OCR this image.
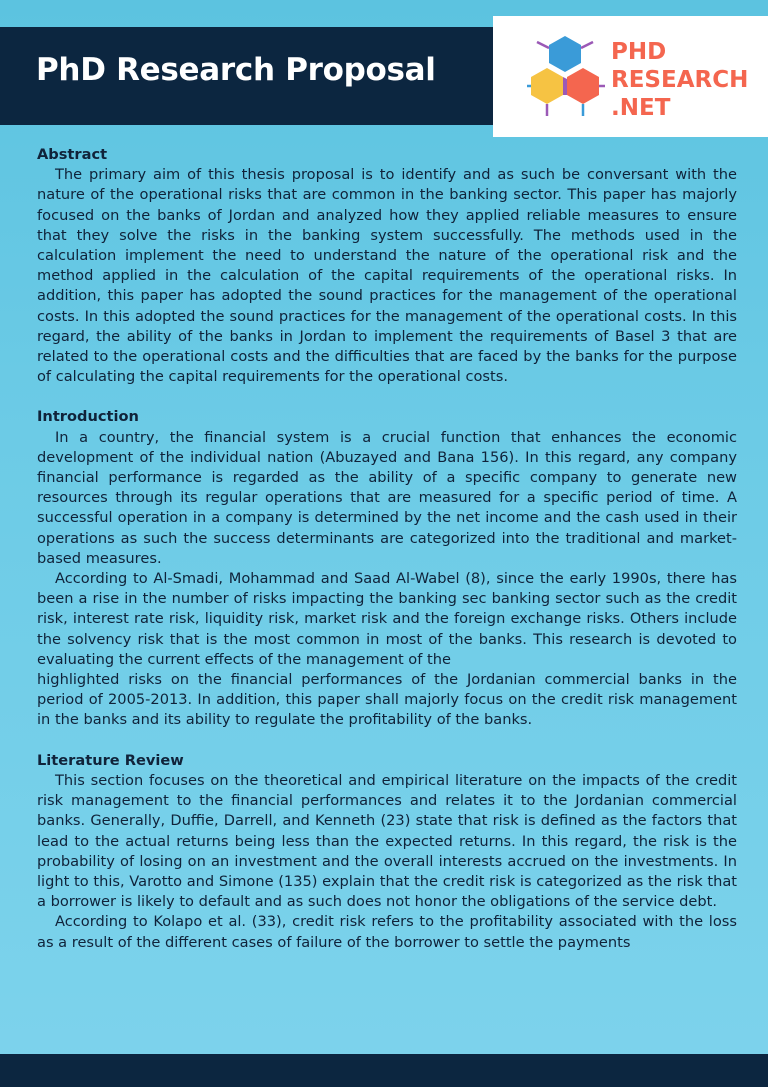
PhD Research Proposal	PHD
RESEARCH
.NET
Abstract

The primary aim of this thesis proposal is to identify and as such be conversant with the nature of the operational risks that are common in the banking sector. This paper has majorly focused on the banks of Jordan and analyzed how they applied reliable measures to ensure that they solve the risks in the banking system successfully. The methods used in the calculation implement the need to understand the nature of the operational risk and the method applied in the calculation of the capital requirements of the operational risks. In addition, this paper has adopted the sound practices for the management of the operational costs. In this adopted the sound practices for the management of the operational costs. In this regard, the ability of the banks in Jordan to implement the requirements of Basel 3 that are related to the operational costs and the difficulties that are faced by the banks for the purpose of calculating the capital requirements for the operational costs.

Introduction

In a country, the financial system is a crucial function that enhances the economic development of the individual nation (Abuzayed and Bana 156). In this regard, any company financial performance is regarded as the ability of a specific company to generate new resources through its regular operations that are measured for a specific period of time. A successful operation in a company is determined by the net income and the cash used in their operations as such the success determinants are categorized into the traditional and market-based measures.

According to Al-Smadi, Mohammad and Saad Al-Wabel (8), since the early 1990s, there has been a rise in the number of risks impacting the banking sec banking sector such as the credit risk, interest rate risk, liquidity risk, market risk and the foreign exchange risks. Others include the solvency risk that is the most common in most of the banks. This research is devoted to evaluating the current effects of the management of the

highlighted risks on the financial performances of the Jordanian commercial banks in the period of 2005-2013. In addition, this paper shall majorly focus on the credit risk management in the banks and its ability to regulate the profitability of the banks.

Literature Review

This section focuses on the theoretical and empirical literature on the impacts of the credit risk management to the financial performances and relates it to the Jordanian commercial banks. Generally, Duffie, Darrell, and Kenneth (23) state that risk is defined as the factors that lead to the actual returns being less than the expected returns. In this regard, the risk is the probability of losing on an investment and the overall interests accrued on the investments. In light to this, Varotto and Simone (135) explain that the credit risk is categorized as the risk that a borrower is likely to default and as such does not honor the obligations of the service debt.

According to Kolapo et al. (33), credit risk refers to the profitability associated with the loss as a result of the different cases of failure of the borrower to settle the payments
